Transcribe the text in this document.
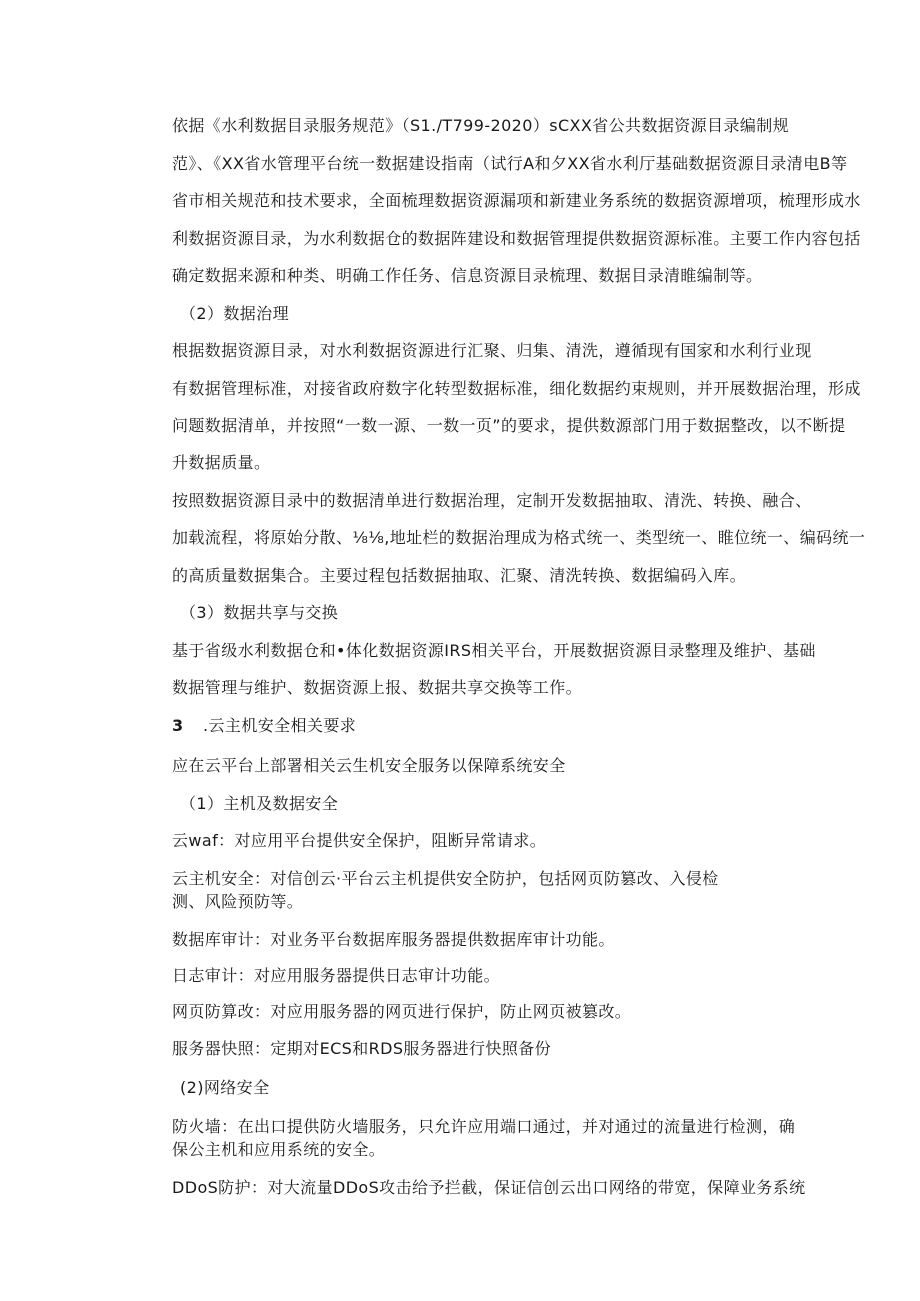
依据《水利数据目录服务规范》（S1./T799-2020）sCXX省公共数据资源目录编制规
范》、《XX省水管理平台统一数据建设指南（试行A和夕XX省水利厅基础数据资源目录清电B等
省市相关规范和技术要求，全面梳理数据资源漏项和新建业务系统的数据资源增项，梳理形成水
利数据资源目录，为水利数据仓的数据阵建设和数据管理提供数据资源标准。主要工作内容包括
确定数据来源和种类、明确工作任务、信息资源目录梳理、数据目录清睢编制等。
（2）数据治理
根据数据资源目录，对水利数据资源进行汇聚、归集、清洗，遵循现有国家和水利行业现
有数据管理标准，对接省政府数字化转型数据标准，细化数据约束规则，并开展数据治理，形成
问题数据清单，并按照“一数一源、一数一页”的要求，提供数源部门用于数据整改，以不断提
升数据质量。
按照数据资源目录中的数据清单进行数据治理，定制开发数据抽取、清洗、转换、融合、
加载流程，将原始分散、⅛⅛,地址栏的数据治理成为格式统一、类型统一、睢位统一、编码统一
的高质量数据集合。主要过程包括数据抽取、汇聚、清洗转换、数据编码入库。
（3）数据共享与交换
基于省级水利数据仓和•体化数据资源IRS相关平台，开展数据资源目录整理及维护、基础
数据管理与维护、数据资源上报、数据共享交换等工作。
3 .云主机安全相关要求
应在云平台上部署相关云生机安全服务以保障系统安全
（1）主机及数据安全
云waf：对应用平台提供安全保护，阻断异常请求。
云主机安全：对信创云·平台云主机提供安全防护，包括网页防篡改、入侵检
测、风险预防等。
数据库审计：对业务平台数据库服务器提供数据库审计功能。
日志审计：对应用服务器提供日志审计功能。
网页防算改：对应用服务器的网页进行保护，防止网页被篡改。
服务器快照：定期对ECS和RDS服务器进行快照备份
(2)网络安全
防火墙：在出口提供防火墙服务，只允许应用端口通过，并对通过的流量进行检测，确
保公主机和应用系统的安全。
DDoS防护：对大流量DDoS攻击给予拦截，保证信创云出口网络的带宽，保障业务系统
